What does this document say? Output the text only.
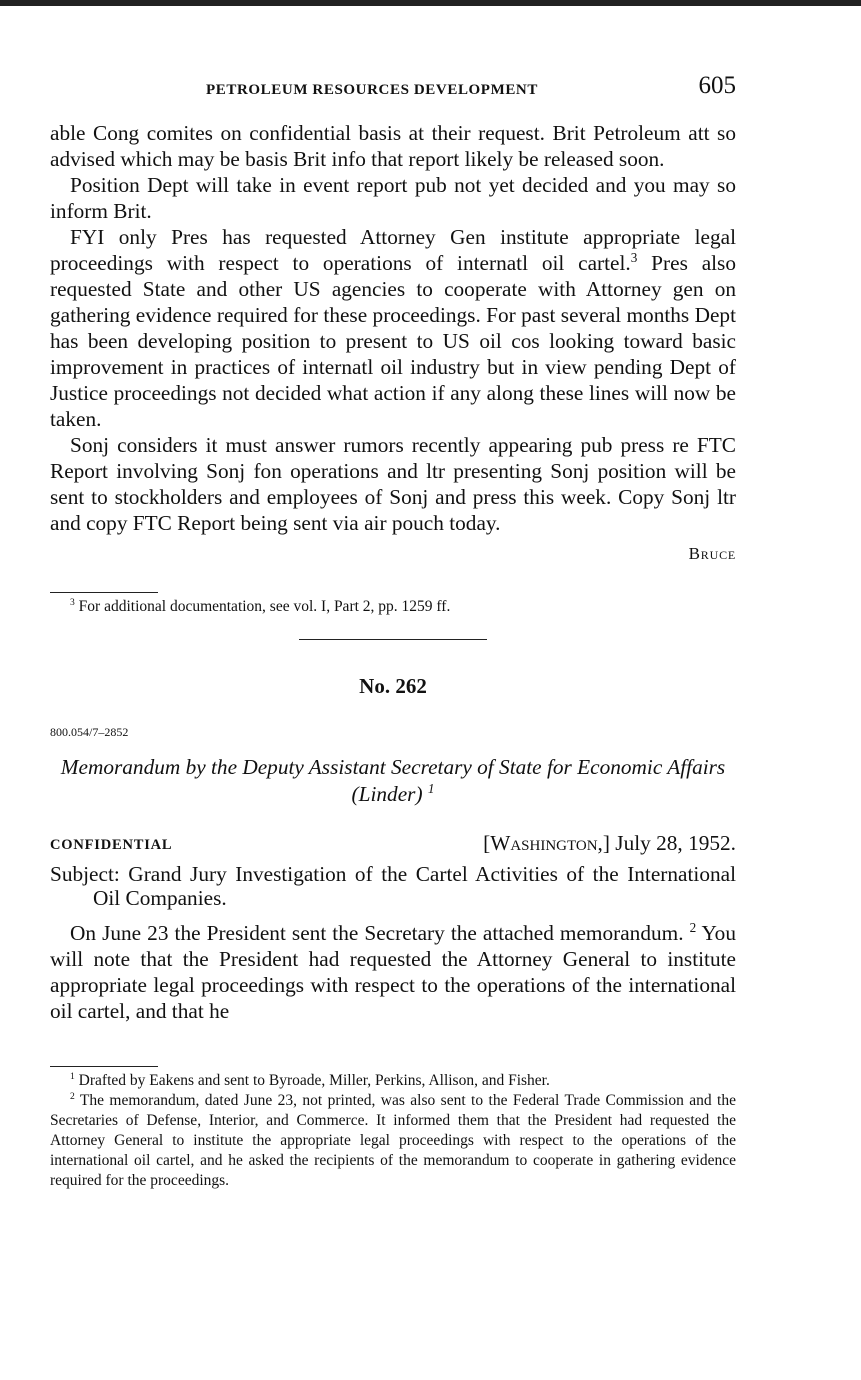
PETROLEUM RESOURCES DEVELOPMENT	605

able Cong comites on confidential basis at their request. Brit Petroleum att so advised which may be basis Brit info that report likely be released soon.

Position Dept will take in event report pub not yet decided and you may so inform Brit.

FYI only Pres has requested Attorney Gen institute appropriate legal proceedings with respect to operations of internatl oil cartel.$^3$ Pres also requested State and other US agencies to cooperate with Attorney gen on gathering evidence required for these proceedings. For past several months Dept has been developing position to present to US oil cos looking toward basic improvement in practices of internatl oil industry but in view pending Dept of Justice proceedings not decided what action if any along these lines will now be taken.

Sonj considers it must answer rumors recently appearing pub press re FTC Report involving Sonj fon operations and ltr presenting Sonj position will be sent to stockholders and employees of Sonj and press this week. Copy Sonj ltr and copy FTC Report being sent via air pouch today.

Bruce

$^3$ For additional documentation, see vol. I, Part 2, pp. 1259 ff.

No. 262
800.054/7–2852
Memorandum by the Deputy Assistant Secretary of State for Economic Affairs (Linder) $^1$
CONFIDENTIAL	[Washington,] July 28, 1952.
Subject: Grand Jury Investigation of the Cartel Activities of the International Oil Companies.

On June 23 the President sent the Secretary the attached memorandum. $^2$ You will note that the President had requested the Attorney General to institute appropriate legal proceedings with respect to the operations of the international oil cartel, and that he

$^1$ Drafted by Eakens and sent to Byroade, Miller, Perkins, Allison, and Fisher.

$^2$ The memorandum, dated June 23, not printed, was also sent to the Federal Trade Commission and the Secretaries of Defense, Interior, and Commerce. It informed them that the President had requested the Attorney General to institute the appropriate legal proceedings with respect to the operations of the international oil cartel, and he asked the recipients of the memorandum to cooperate in gathering evidence required for the proceedings.
